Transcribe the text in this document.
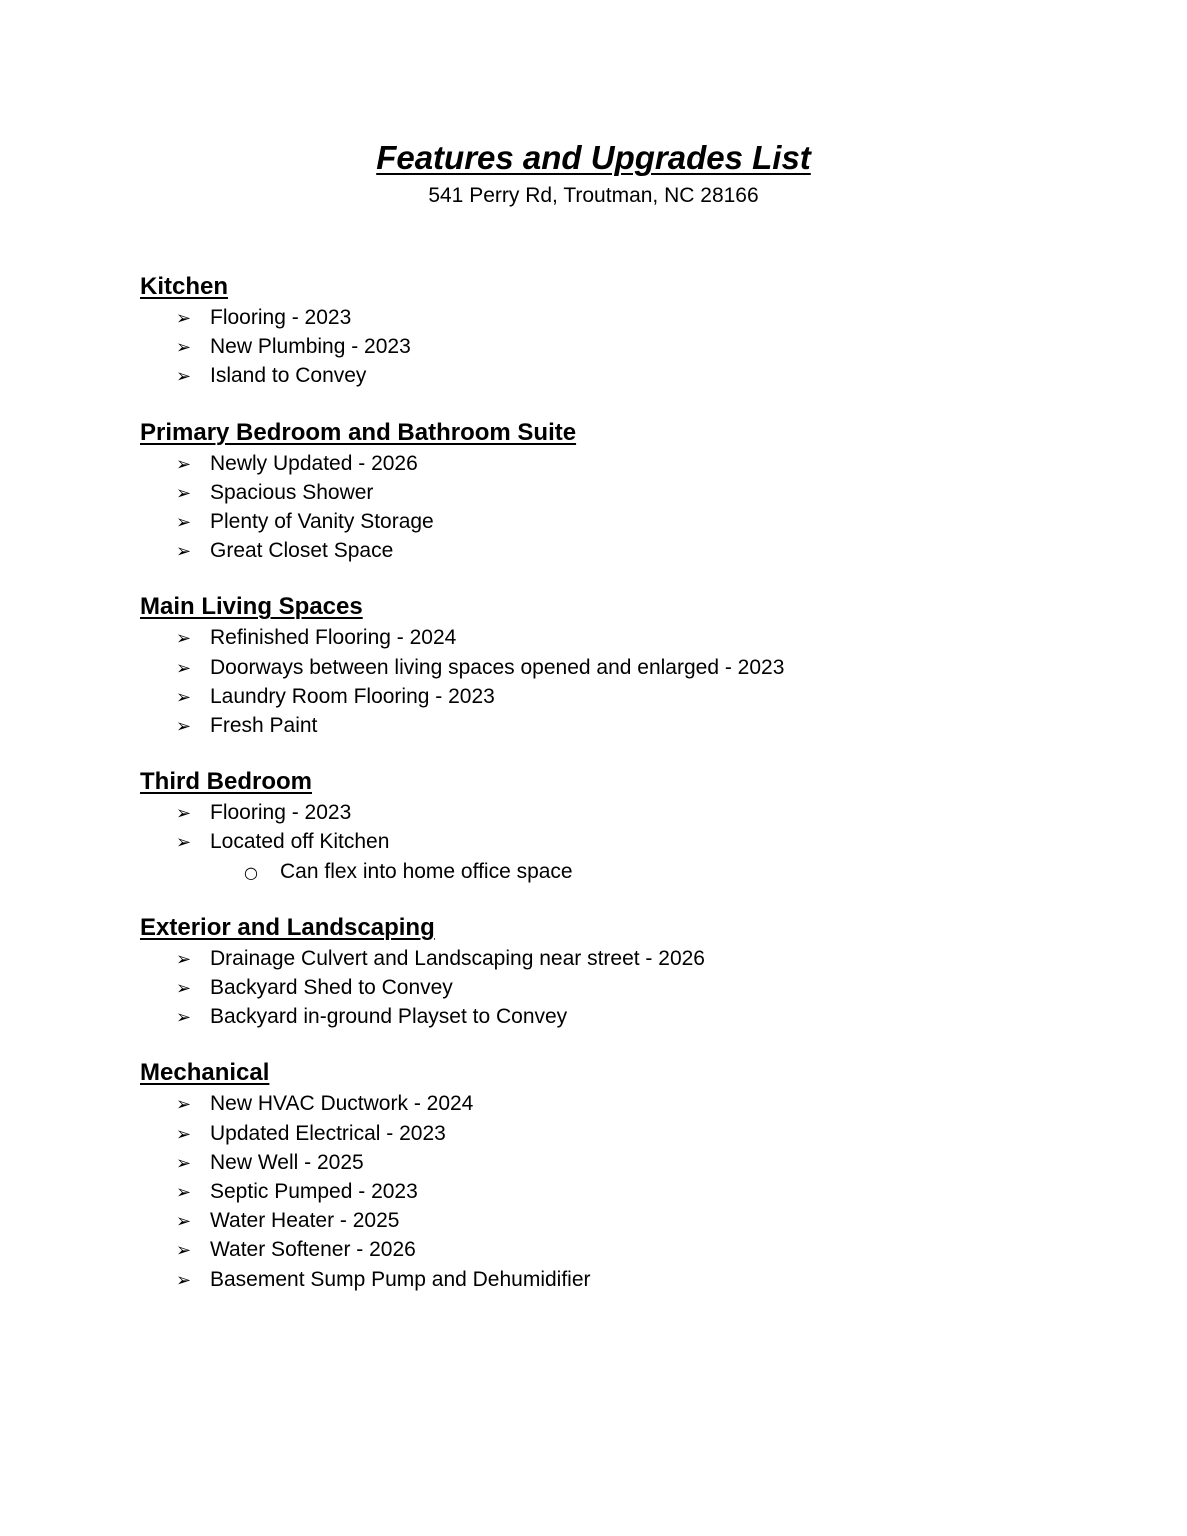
Features and Upgrades List

541 Perry Rd, Troutman, NC 28166

Kitchen
➢ Flooring - 2023
➢ New Plumbing - 2023
➢ Island to Convey
Primary Bedroom and Bathroom Suite
➢ Newly Updated - 2026
➢ Spacious Shower
➢ Plenty of Vanity Storage
➢ Great Closet Space
Main Living Spaces
➢ Refinished Flooring - 2024
➢ Doorways between living spaces opened and enlarged - 2023
➢ Laundry Room Flooring - 2023
➢ Fresh Paint
Third Bedroom
➢ Flooring - 2023
➢ Located off Kitchen
○	Can flex into home office space
Exterior and Landscaping
➢ Drainage Culvert and Landscaping near street - 2026
➢ Backyard Shed to Convey
➢ Backyard in-ground Playset to Convey
Mechanical
➢ New HVAC Ductwork - 2024
➢ Updated Electrical - 2023
➢ New Well - 2025
➢ Septic Pumped - 2023
➢ Water Heater - 2025
➢ Water Softener - 2026
➢ Basement Sump Pump and Dehumidifier
